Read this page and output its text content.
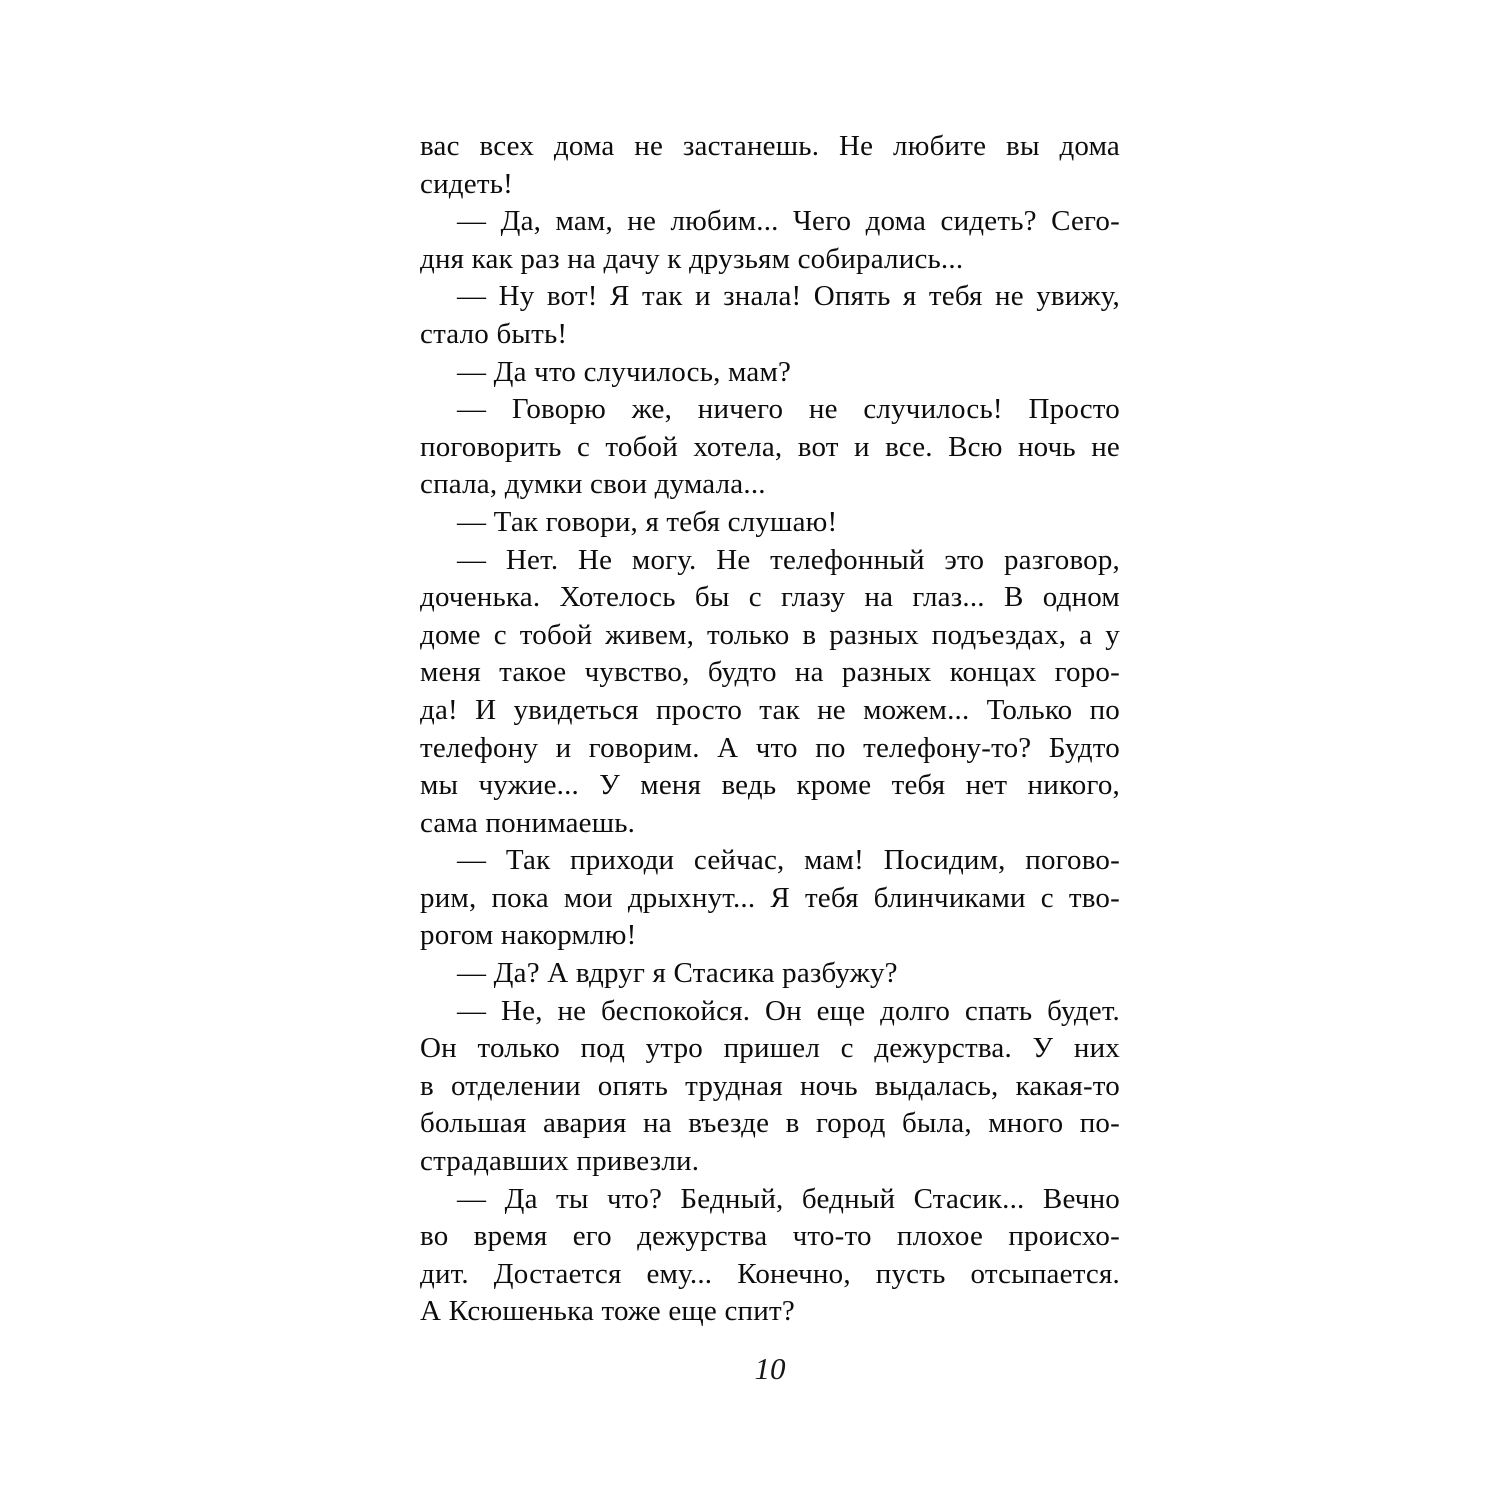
вас всех дома не застанешь. Не любите вы дома
сидеть!
— Да, мам, не любим... Чего дома сидеть? Сего-
дня как раз на дачу к друзьям собирались...
— Ну вот! Я так и знала! Опять я тебя не увижу,
стало быть!
— Да что случилось, мам?
— Говорю же, ничего не случилось! Просто
поговорить с тобой хотела, вот и все. Всю ночь не
спала, думки свои думала...
— Так говори, я тебя слушаю!
— Нет. Не могу. Не телефонный это разговор,
доченька. Хотелось бы с глазу на глаз... В одном
доме с тобой живем, только в разных подъездах, а у
меня такое чувство, будто на разных концах горо-
да! И увидеться просто так не можем... Только по
телефону и говорим. А что по телефону-то? Будто
мы чужие... У меня ведь кроме тебя нет никого,
сама понимаешь.
— Так приходи сейчас, мам! Посидим, погово-
рим, пока мои дрыхнут... Я тебя блинчиками с тво-
рогом накормлю!
— Да? А вдруг я Стасика разбужу?
— Не, не беспокойся. Он еще долго спать будет.
Он только под утро пришел с дежурства. У них
в отделении опять трудная ночь выдалась, какая-то
большая авария на въезде в город была, много по-
страдавших привезли.
— Да ты что? Бедный, бедный Стасик... Вечно
во время его дежурства что-то плохое происхо-
дит. Достается ему... Конечно, пусть отсыпается.
А Ксюшенька тоже еще спит?
10
